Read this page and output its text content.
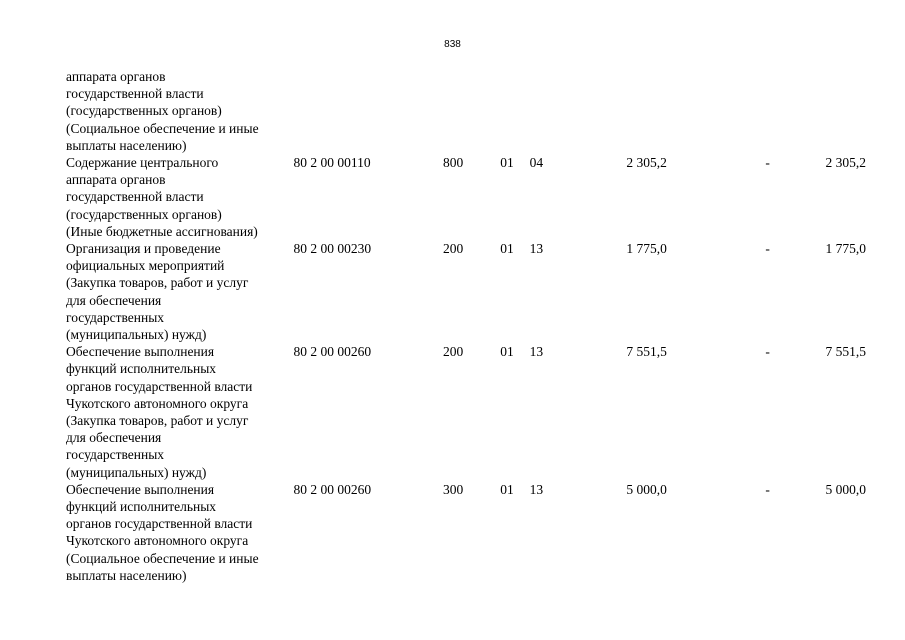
838
аппарата органов
государственной власти
(государственных органов)
(Социальное обеспечение и иные
выплаты населению)
Содержание центрального
аппарата органов
государственной власти
(государственных органов)
(Иные бюджетные ассигнования)
80 2 00 00110	800	01	04	2 305,2	-	2 305,2
Организация и проведение
официальных мероприятий
(Закупка товаров, работ и услуг
для обеспечения
государственных
(муниципальных) нужд)
80 2 00 00230	200	01	13	1 775,0	-	1 775,0
Обеспечение выполнения
функций исполнительных
органов государственной власти
Чукотского автономного округа
(Закупка товаров, работ и услуг
для обеспечения
государственных
(муниципальных) нужд)
80 2 00 00260	200	01	13	7 551,5	-	7 551,5
Обеспечение выполнения
функций исполнительных
органов государственной власти
Чукотского автономного округа
(Социальное обеспечение и иные
выплаты населению)
80 2 00 00260	300	01	13	5 000,0	-	5 000,0
